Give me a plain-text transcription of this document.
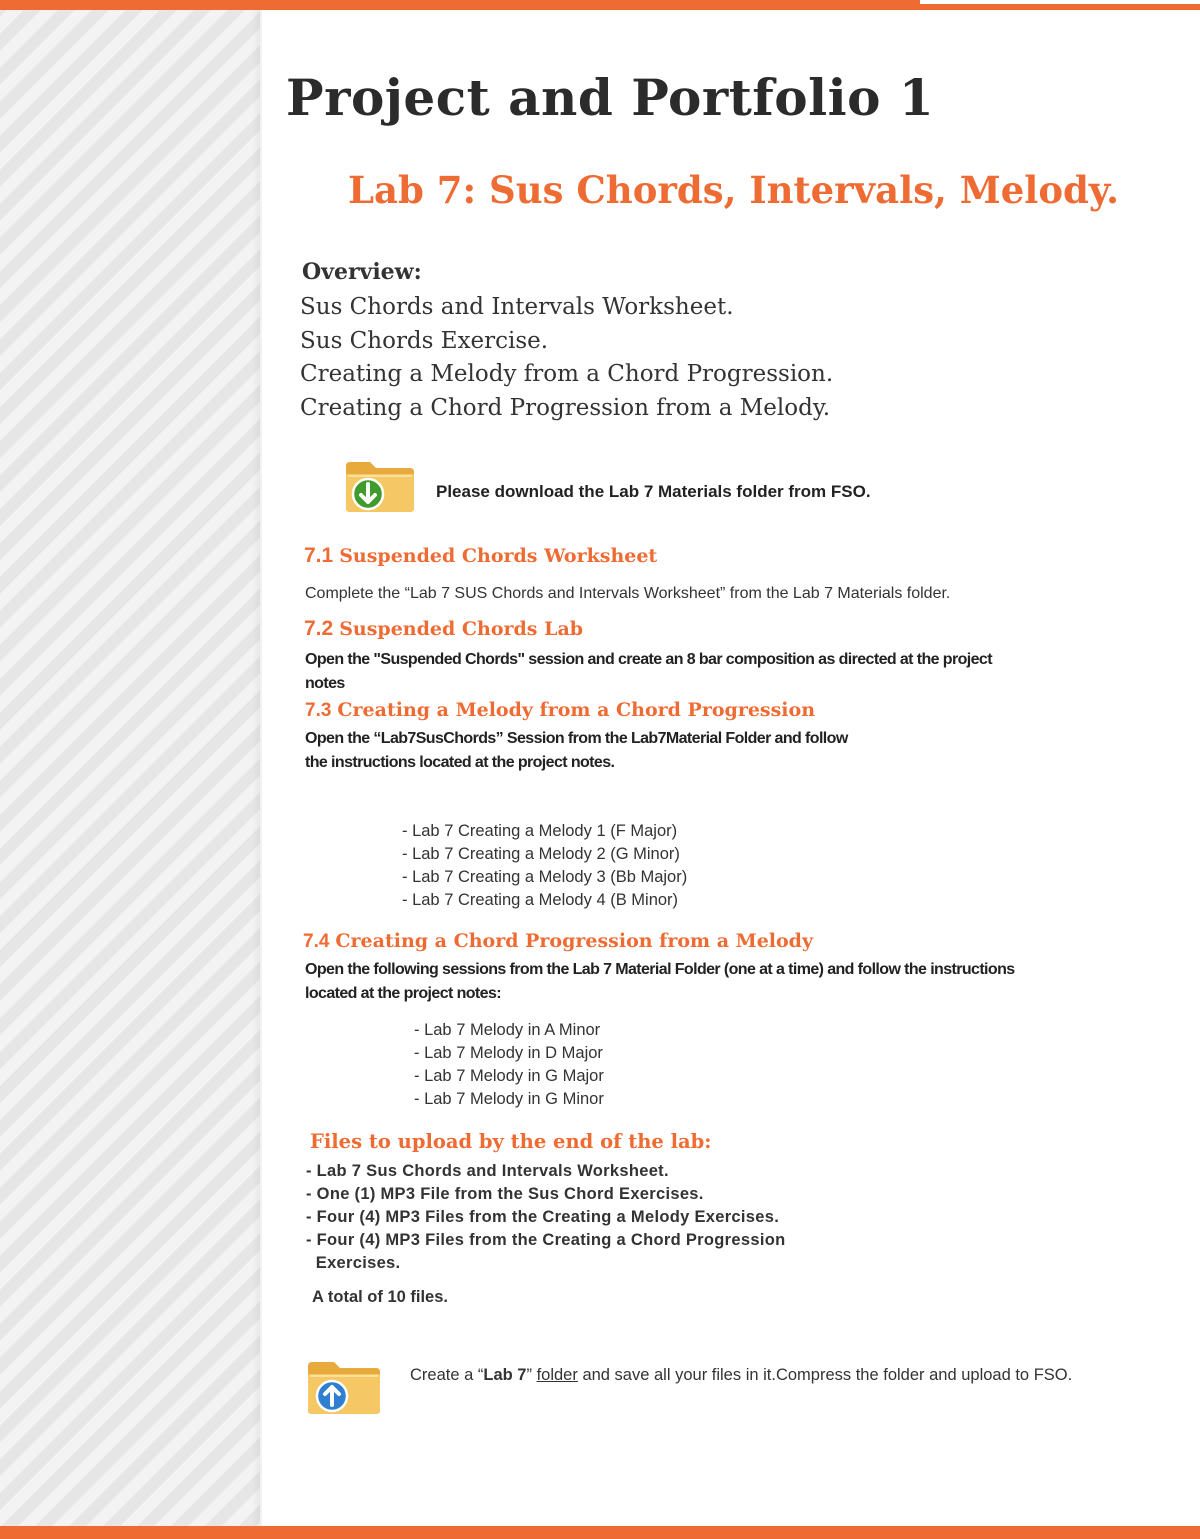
Project and Portfolio 1
Lab 7: Sus Chords, Intervals, Melody.
Overview:
Sus Chords and Intervals Worksheet.
Sus Chords Exercise.
Creating a Melody from a Chord Progression.
Creating a Chord Progression from a Melody.
Please download the Lab 7 Materials folder from FSO.
7.1 Suspended Chords Worksheet
Complete the “Lab 7 SUS Chords and Intervals Worksheet” from the Lab 7 Materials folder.
7.2 Suspended Chords Lab
Open the "Suspended Chords" session and create an 8 bar composition as directed at the project
notes
7.3 Creating a Melody from a Chord Progression
Open the “Lab7SusChords” Session from the Lab7Material Folder and follow
the instructions located at the project notes.
- Lab 7 Creating a Melody 1 (F Major)
- Lab 7 Creating a Melody 2 (G Minor)
- Lab 7 Creating a Melody 3 (Bb Major)
- Lab 7 Creating a Melody 4 (B Minor)
7.4 Creating a Chord Progression from a Melody
Open the following sessions from the Lab 7 Material Folder (one at a time) and follow the instructions
located at the project notes:
- Lab 7 Melody in A Minor
- Lab 7 Melody in D Major
- Lab 7 Melody in G Major
- Lab 7 Melody in G Minor
Files to upload by the end of the lab:
- Lab 7 Sus Chords and Intervals Worksheet.
- One (1) MP3 File from the Sus Chord Exercises.
- Four (4) MP3 Files from the Creating a Melody Exercises.
- Four (4) MP3 Files from the Creating a Chord Progression
Exercises.
A total of 10 files.
Create a “Lab 7” folder and save all your files in it.Compress the folder and upload to FSO.
